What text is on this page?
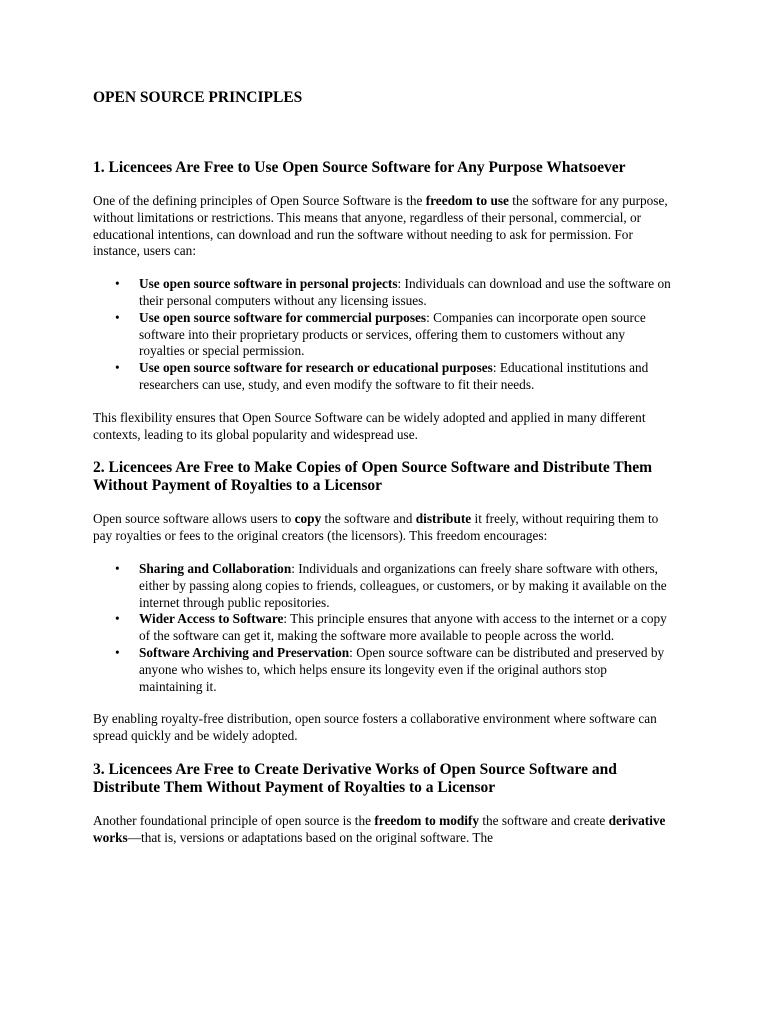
OPEN SOURCE PRINCIPLES
1. Licencees Are Free to Use Open Source Software for Any Purpose Whatsoever

One of the defining principles of Open Source Software is the freedom to use the software for any purpose, without limitations or restrictions. This means that anyone, regardless of their personal, commercial, or educational intentions, can download and run the software without needing to ask for permission. For instance, users can:

• Use open source software in personal projects: Individuals can download and use the software on their personal computers without any licensing issues.
• Use open source software for commercial purposes: Companies can incorporate open source software into their proprietary products or services, offering them to customers without any royalties or special permission.
• Use open source software for research or educational purposes: Educational institutions and researchers can use, study, and even modify the software to fit their needs.

This flexibility ensures that Open Source Software can be widely adopted and applied in many different contexts, leading to its global popularity and widespread use.

2. Licencees Are Free to Make Copies of Open Source Software and Distribute Them Without Payment of Royalties to a Licensor

Open source software allows users to copy the software and distribute it freely, without requiring them to pay royalties or fees to the original creators (the licensors). This freedom encourages:

• Sharing and Collaboration: Individuals and organizations can freely share software with others, either by passing along copies to friends, colleagues, or customers, or by making it available on the internet through public repositories.
• Wider Access to Software: This principle ensures that anyone with access to the internet or a copy of the software can get it, making the software more available to people across the world.
• Software Archiving and Preservation: Open source software can be distributed and preserved by anyone who wishes to, which helps ensure its longevity even if the original authors stop maintaining it.

By enabling royalty-free distribution, open source fosters a collaborative environment where software can spread quickly and be widely adopted.

3. Licencees Are Free to Create Derivative Works of Open Source Software and Distribute Them Without Payment of Royalties to a Licensor

Another foundational principle of open source is the freedom to modify the software and create derivative works—that is, versions or adaptations based on the original software. The
